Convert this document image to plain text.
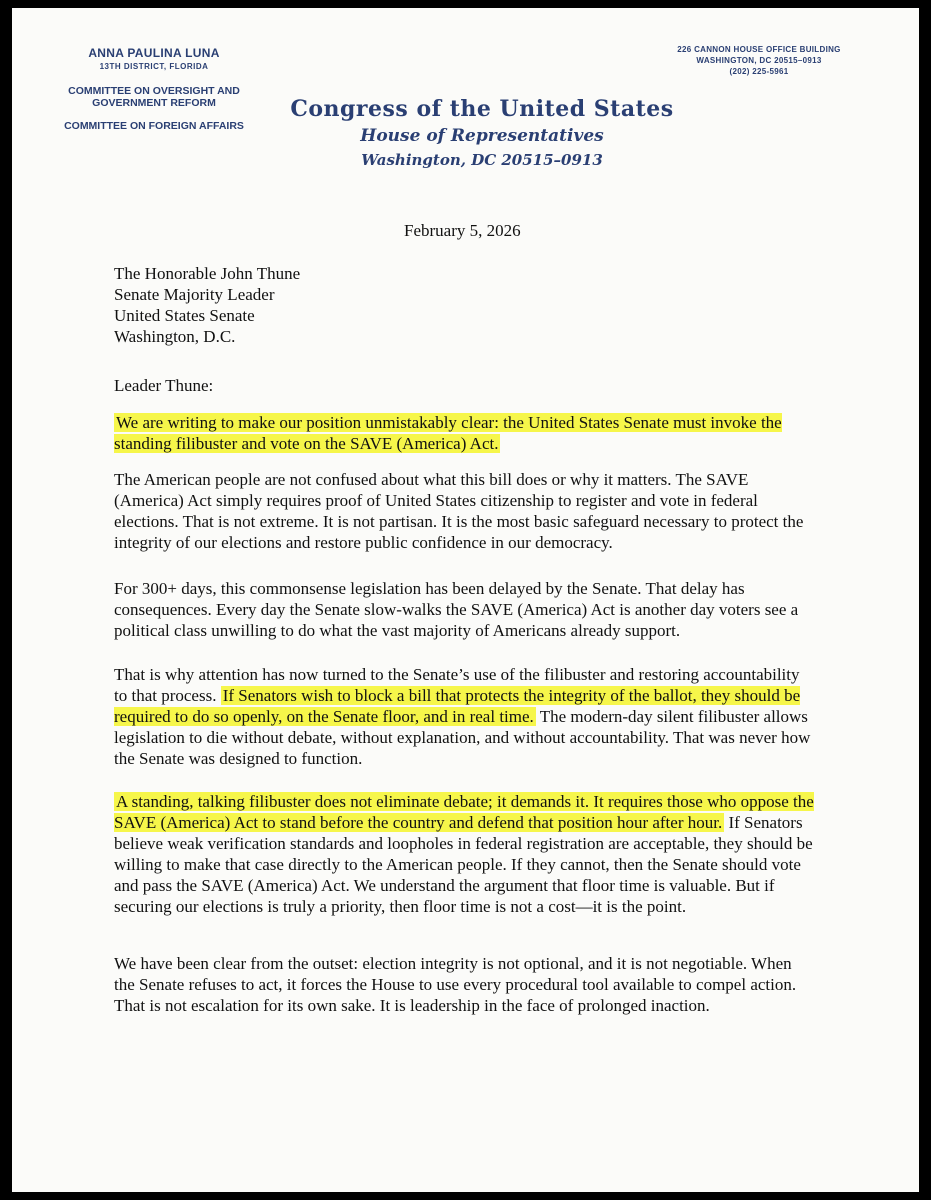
ANNA PAULINA LUNA
13TH DISTRICT, FLORIDA
COMMITTEE ON OVERSIGHT AND GOVERNMENT REFORM
COMMITTEE ON FOREIGN AFFAIRS
Congress of the United States
House of Representatives
Washington, DC 20515–0913
226 CANNON HOUSE OFFICE BUILDING
WASHINGTON, DC 20515–0913
(202) 225-5961
February 5, 2026
The Honorable John Thune
Senate Majority Leader
United States Senate
Washington, D.C.
Leader Thune:

We are writing to make our position unmistakably clear: the United States Senate must invoke the standing filibuster and vote on the SAVE (America) Act.

The American people are not confused about what this bill does or why it matters. The SAVE (America) Act simply requires proof of United States citizenship to register and vote in federal elections. That is not extreme. It is not partisan. It is the most basic safeguard necessary to protect the integrity of our elections and restore public confidence in our democracy.

For 300+ days, this commonsense legislation has been delayed by the Senate. That delay has consequences. Every day the Senate slow-walks the SAVE (America) Act is another day voters see a political class unwilling to do what the vast majority of Americans already support.

That is why attention has now turned to the Senate’s use of the filibuster and restoring accountability to that process. If Senators wish to block a bill that protects the integrity of the ballot, they should be required to do so openly, on the Senate floor, and in real time. The modern-day silent filibuster allows legislation to die without debate, without explanation, and without accountability. That was never how the Senate was designed to function.

A standing, talking filibuster does not eliminate debate; it demands it. It requires those who oppose the SAVE (America) Act to stand before the country and defend that position hour after hour. If Senators believe weak verification standards and loopholes in federal registration are acceptable, they should be willing to make that case directly to the American people. If they cannot, then the Senate should vote and pass the SAVE (America) Act. We understand the argument that floor time is valuable. But if securing our elections is truly a priority, then floor time is not a cost—it is the point.

We have been clear from the outset: election integrity is not optional, and it is not negotiable. When the Senate refuses to act, it forces the House to use every procedural tool available to compel action. That is not escalation for its own sake. It is leadership in the face of prolonged inaction.
